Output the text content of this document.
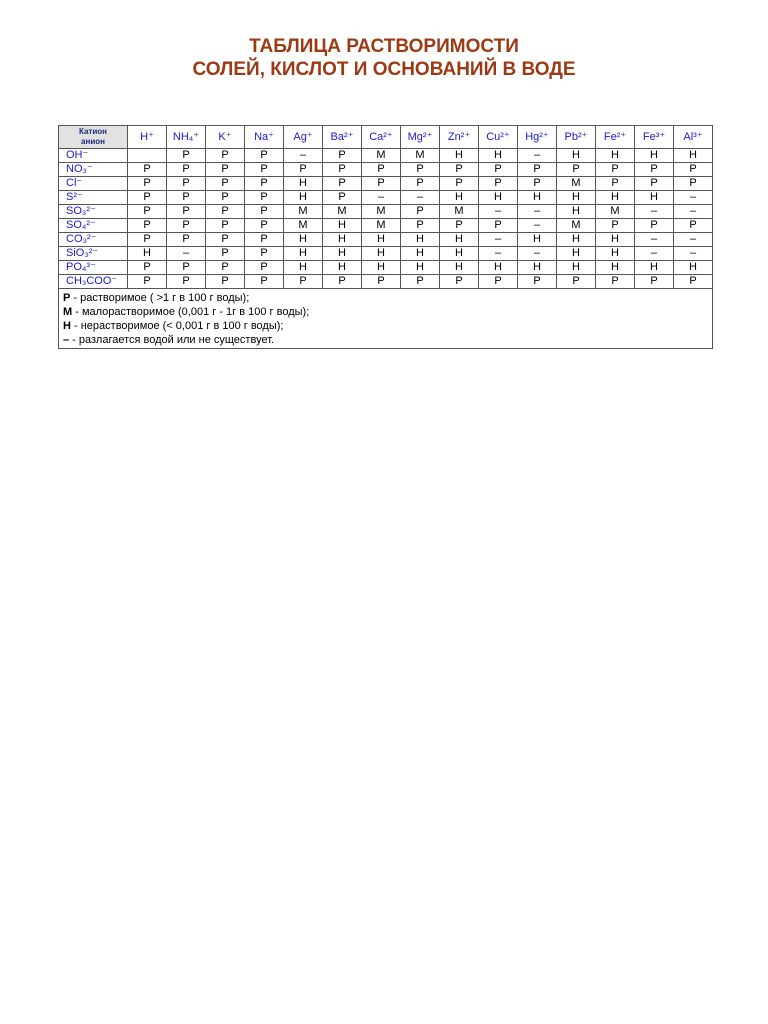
ТАБЛИЦА РАСТВОРИМОСТИ
СОЛЕЙ, КИСЛОТ И ОСНОВАНИЙ В ВОДЕ
Катион
анион	H⁺	NH₄⁺	K⁺	Na⁺	Ag⁺	Ba²⁺	Ca²⁺	Mg²⁺	Zn²⁺	Cu²⁺	Hg²⁺	Pb²⁺	Fe²⁺	Fe³⁺	Al³⁺
OH⁻		Р	Р	Р	–	Р	М	М	Н	Н	–	Н	Н	Н	Н
NO₃⁻	Р	Р	Р	Р	Р	Р	Р	Р	Р	Р	Р	Р	Р	Р	Р
Cl⁻	Р	Р	Р	Р	Н	Р	Р	Р	Р	Р	Р	М	Р	Р	Р
S²⁻	Р	Р	Р	Р	Н	Р	–	–	Н	Н	Н	Н	Н	Н	–
SO₃²⁻	Р	Р	Р	Р	М	М	М	Р	М	–	–	Н	М	–	–
SO₄²⁻	Р	Р	Р	Р	М	Н	М	Р	Р	Р	–	М	Р	Р	Р
CO₃²⁻	Р	Р	Р	Р	Н	Н	Н	Н	Н	–	Н	Н	Н	–	–
SiO₃²⁻	Н	–	Р	Р	Н	Н	Н	Н	Н	–	–	Н	Н	–	–
PO₄³⁻	Р	Р	Р	Р	Н	Н	Н	Н	Н	Н	Н	Н	Н	Н	Н
CH₃COO⁻	Р	Р	Р	Р	Р	Р	Р	Р	Р	Р	Р	Р	Р	Р	Р

Р - растворимое ( >1 г в 100 г воды);
М - малорастворимое (0,001 г - 1г в 100 г воды);
Н - нерастворимое (< 0,001 г в 100 г воды);
– - разлагается водой или не существует.															
